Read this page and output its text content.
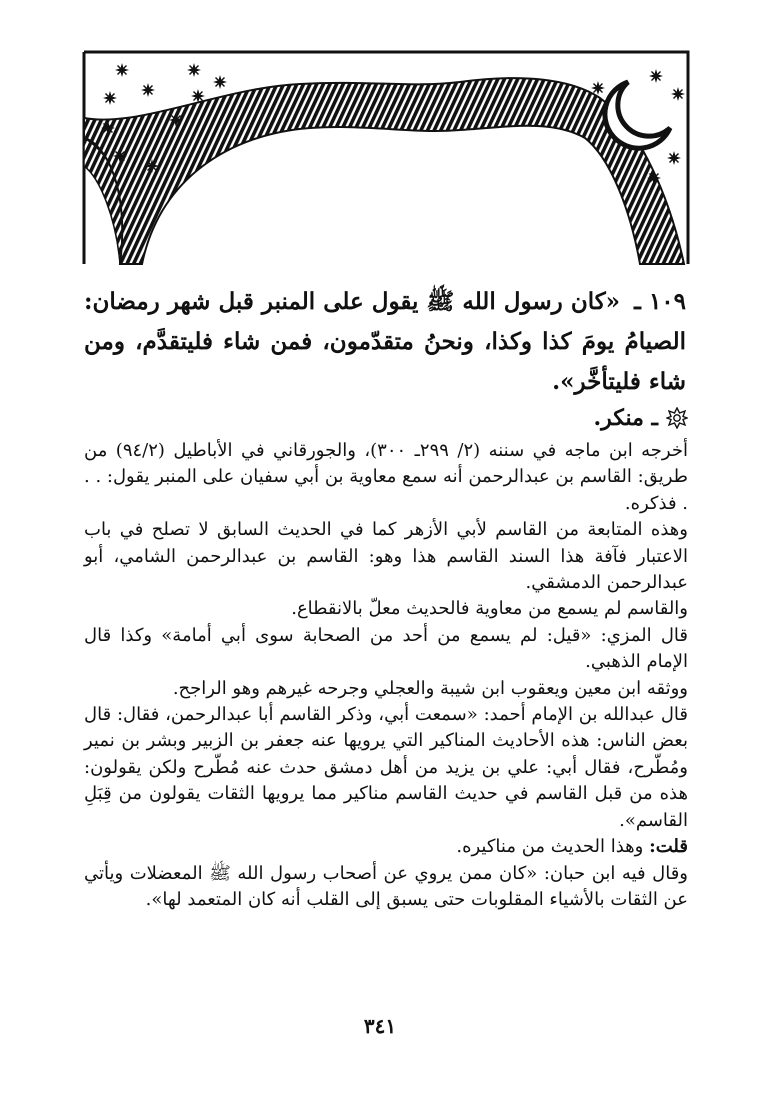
١٠٩ ـ «كان رسول الله ﷺ يقول على المنبر قبل شهر رمضان: الصيامُ يومَ كذا وكذا، ونحنُ متقدّمون، فمن شاء فليتقدَّم، ومن شاء فليتأخَّر».
ـ منكر.

أخرجه ابن ماجه في سننه (٢/ ٢٩٩ـ ٣٠٠)، والجورقاني في الأباطيل (٩٤/٢) من طريق: القاسم بن عبدالرحمن أنه سمع معاوية بن أبي سفيان على المنبر يقول: . . . فذكره.

وهذه المتابعة من القاسم لأبي الأزهر كما في الحديث السابق لا تصلح في باب الاعتبار فآفة هذا السند القاسم هذا وهو: القاسم بن عبدالرحمن الشامي، أبو عبدالرحمن الدمشقي.

والقاسم لم يسمع من معاوية فالحديث معلّ بالانقطاع.

قال المزي: «قيل: لم يسمع من أحد من الصحابة سوى أبي أمامة» وكذا قال الإمام الذهبي.

ووثقه ابن معين ويعقوب ابن شيبة والعجلي وجرحه غيرهم وهو الراجح.

قال عبدالله بن الإمام أحمد: «سمعت أبي، وذكر القاسم أبا عبدالرحمن، فقال: قال بعض الناس: هذه الأحاديث المناكير التي يرويها عنه جعفر بن الزبير وبشر بن نمير ومُطّرح، فقال أبي: علي بن يزيد من أهل دمشق حدث عنه مُطّرح ولكن يقولون: هذه من قبل القاسم في حديث القاسم مناكير مما يرويها الثقات يقولون من قِبَلِ القاسم».

قلت: وهذا الحديث من مناكيره.

وقال فيه ابن حبان: «كان ممن يروي عن أصحاب رسول الله ﷺ المعضلات ويأتي عن الثقات بالأشياء المقلوبات حتى يسبق إلى القلب أنه كان المتعمد لها».

٣٤١
